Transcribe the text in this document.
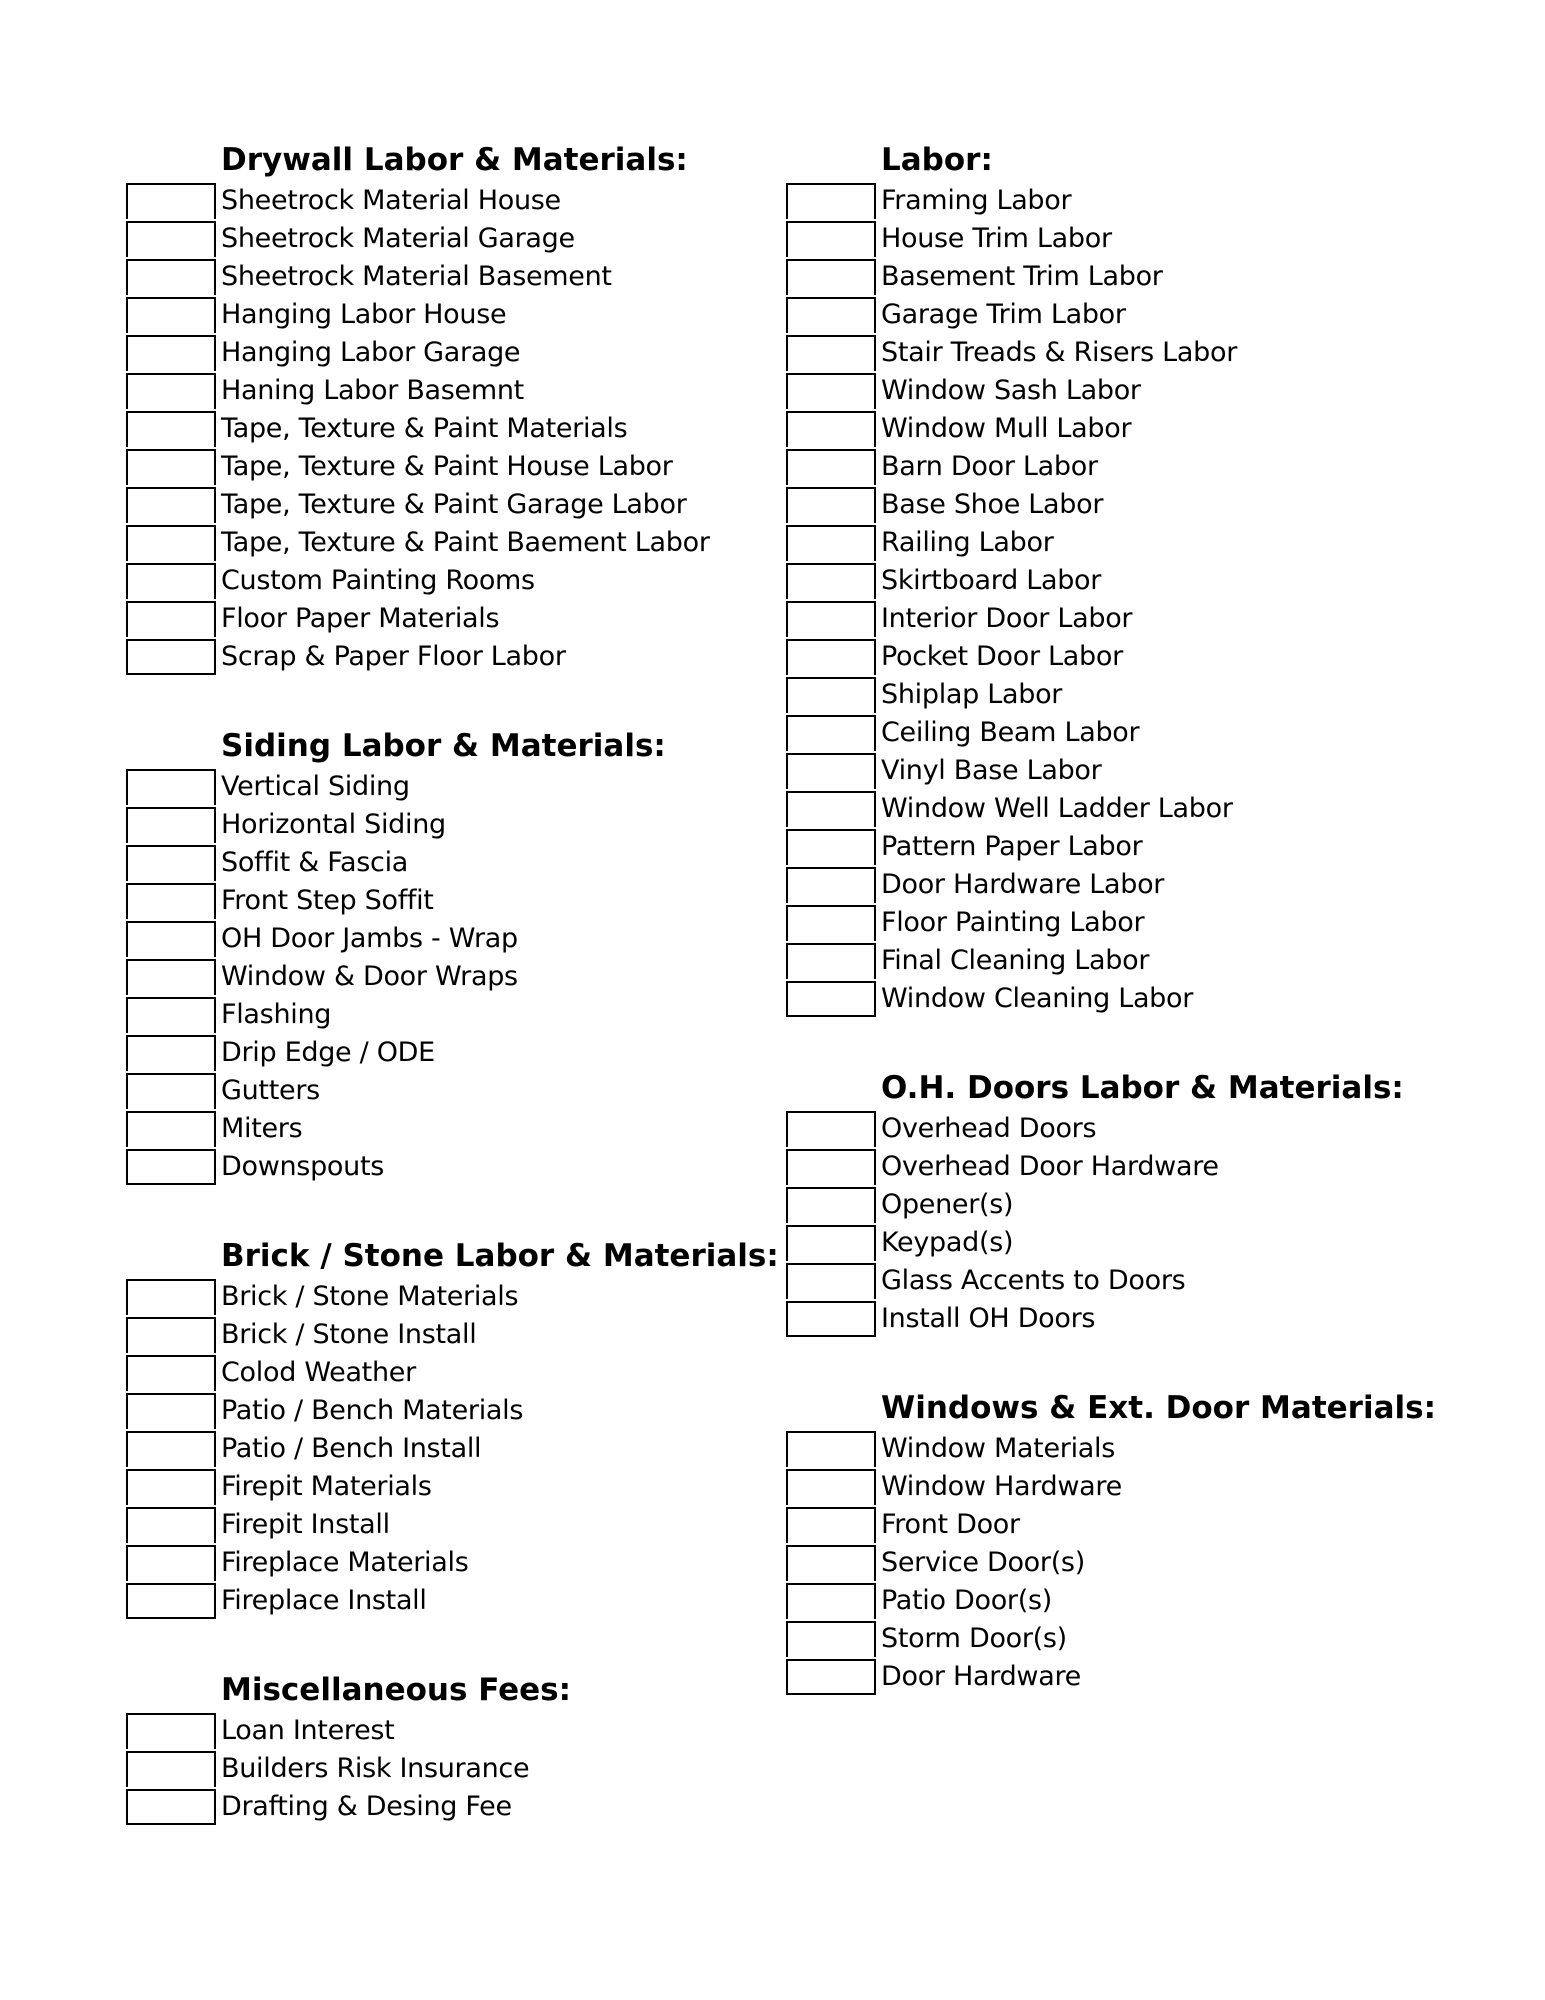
Drywall Labor & Materials:
Sheetrock Material House
Sheetrock Material Garage
Sheetrock Material Basement
Hanging Labor House
Hanging Labor Garage
Haning Labor Basemnt
Tape, Texture & Paint Materials
Tape, Texture & Paint House Labor
Tape, Texture & Paint Garage Labor
Tape, Texture & Paint Baement Labor
Custom Painting Rooms
Floor Paper Materials
Scrap & Paper Floor Labor
Siding Labor & Materials:
Vertical Siding
Horizontal Siding
Soffit & Fascia
Front Step Soffit
OH Door Jambs - Wrap
Window & Door Wraps
Flashing
Drip Edge / ODE
Gutters
Miters
Downspouts
Brick / Stone Labor & Materials:
Brick / Stone Materials
Brick / Stone Install
Colod Weather
Patio / Bench Materials
Patio / Bench Install
Firepit Materials
Firepit Install
Fireplace Materials
Fireplace Install
Miscellaneous Fees:
Loan Interest
Builders Risk Insurance
Drafting & Desing Fee
Labor:
Framing Labor
House Trim Labor
Basement Trim Labor
Garage Trim Labor
Stair Treads & Risers Labor
Window Sash Labor
Window Mull Labor
Barn Door Labor
Base Shoe Labor
Railing Labor
Skirtboard Labor
Interior Door Labor
Pocket Door Labor
Shiplap Labor
Ceiling Beam Labor
Vinyl Base Labor
Window Well Ladder Labor
Pattern Paper Labor
Door Hardware Labor
Floor Painting Labor
Final Cleaning Labor
Window Cleaning Labor
O.H. Doors Labor & Materials:
Overhead Doors
Overhead Door Hardware
Opener(s)
Keypad(s)
Glass Accents to Doors
Install OH Doors
Windows & Ext. Door Materials:
Window Materials
Window Hardware
Front Door
Service Door(s)
Patio Door(s)
Storm Door(s)
Door Hardware
